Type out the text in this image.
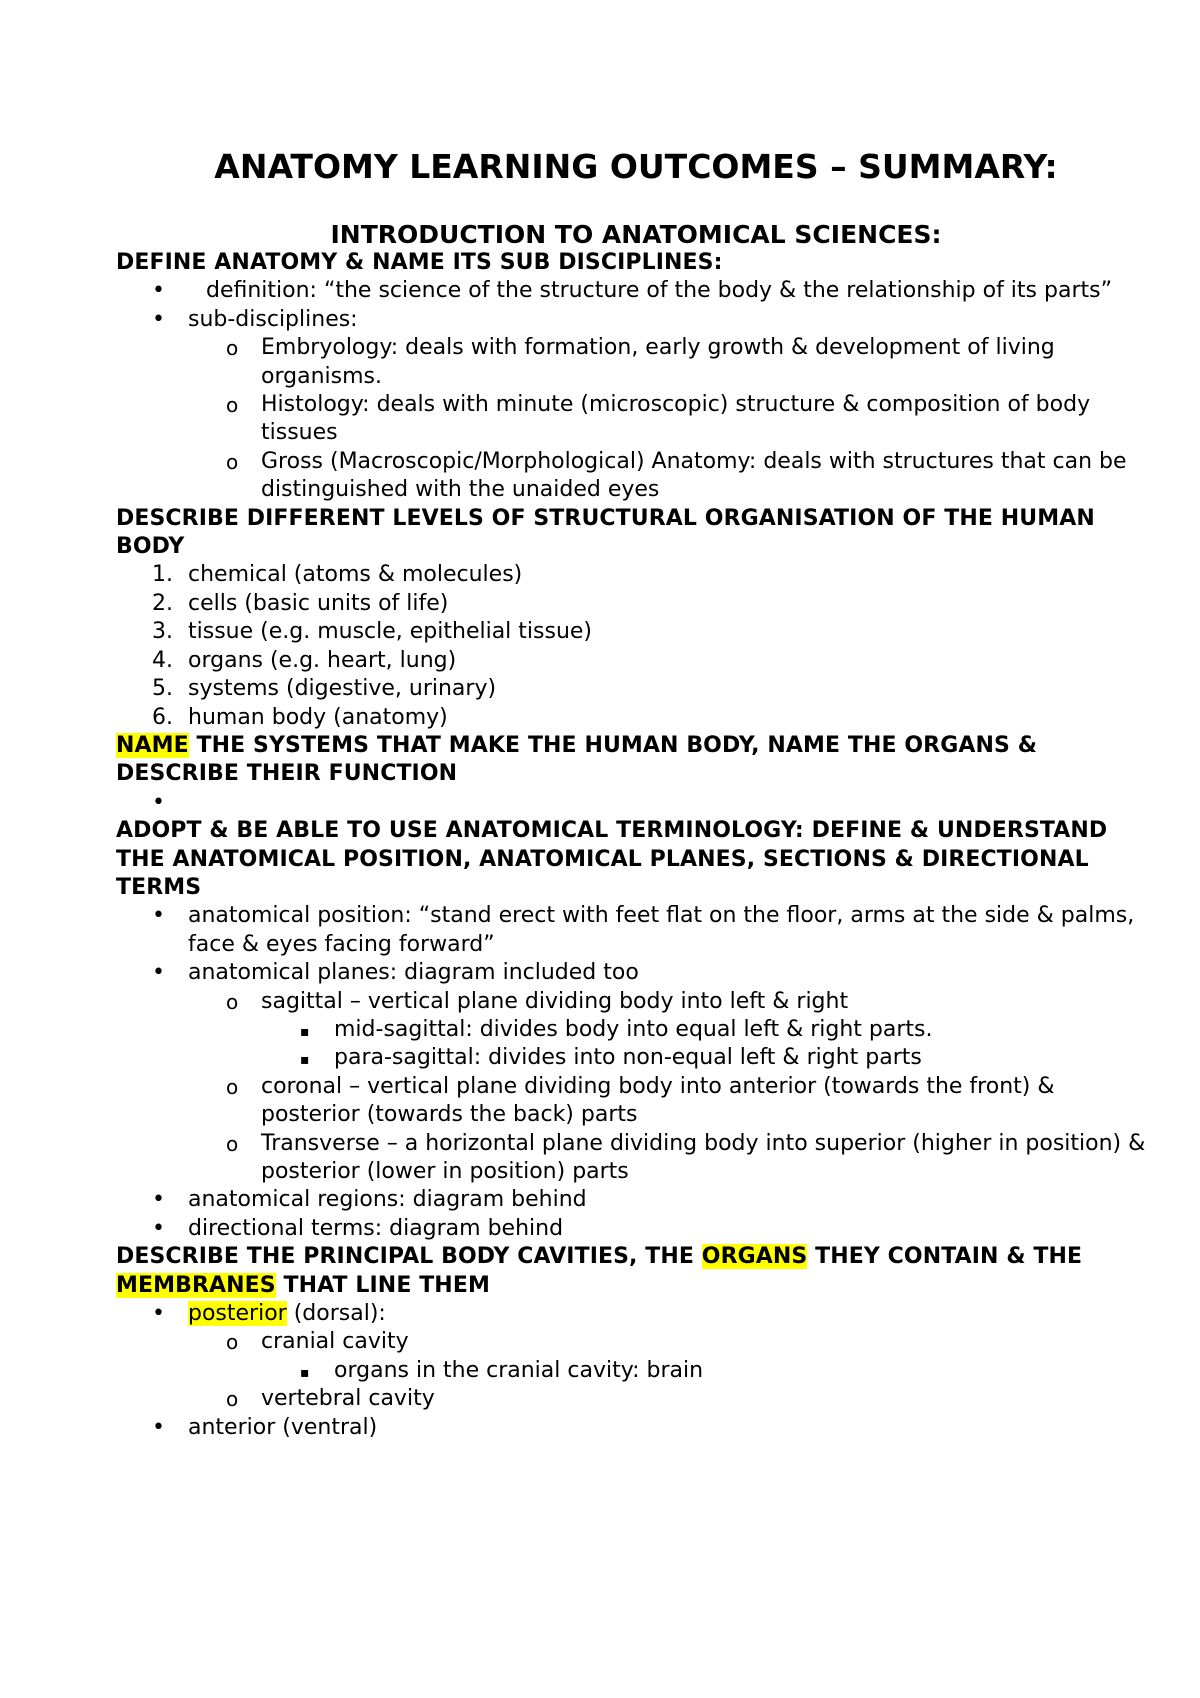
ANATOMY LEARNING OUTCOMES – SUMMARY:
INTRODUCTION TO ANATOMICAL SCIENCES:

DEFINE ANATOMY & NAME ITS SUB DISCIPLINES:

• definition: “the science of the structure of the body & the relationship of its parts”
• sub-disciplines:
o Embryology: deals with formation, early growth & development of living organisms.
o Histology: deals with minute (microscopic) structure & composition of body tissues
o Gross (Macroscopic/Morphological) Anatomy: deals with structures that can be distinguished with the unaided eyes

DESCRIBE DIFFERENT LEVELS OF STRUCTURAL ORGANISATION OF THE HUMAN BODY

1. chemical (atoms & molecules)
2. cells (basic units of life)
3. tissue (e.g. muscle, epithelial tissue)
4. organs (e.g. heart, lung)
5. systems (digestive, urinary)
6. human body (anatomy)

NAME THE SYSTEMS THAT MAKE THE HUMAN BODY, NAME THE ORGANS & DESCRIBE THEIR FUNCTION

•

ADOPT & BE ABLE TO USE ANATOMICAL TERMINOLOGY: DEFINE & UNDERSTAND THE ANATOMICAL POSITION, ANATOMICAL PLANES, SECTIONS & DIRECTIONAL TERMS

• anatomical position: “stand erect with feet flat on the floor, arms at the side & palms, face & eyes facing forward”
• anatomical planes: diagram included too
o sagittal – vertical plane dividing body into left & right
▪ mid-sagittal: divides body into equal left & right parts.
▪ para-sagittal: divides into non-equal left & right parts
o coronal – vertical plane dividing body into anterior (towards the front) & posterior (towards the back) parts
o Transverse – a horizontal plane dividing body into superior (higher in position) & posterior (lower in position) parts
• anatomical regions: diagram behind
• directional terms: diagram behind

DESCRIBE THE PRINCIPAL BODY CAVITIES, THE ORGANS THEY CONTAIN & THE MEMBRANES THAT LINE THEM

• posterior (dorsal):
o cranial cavity
▪ organs in the cranial cavity: brain
o vertebral cavity
• anterior (ventral)
